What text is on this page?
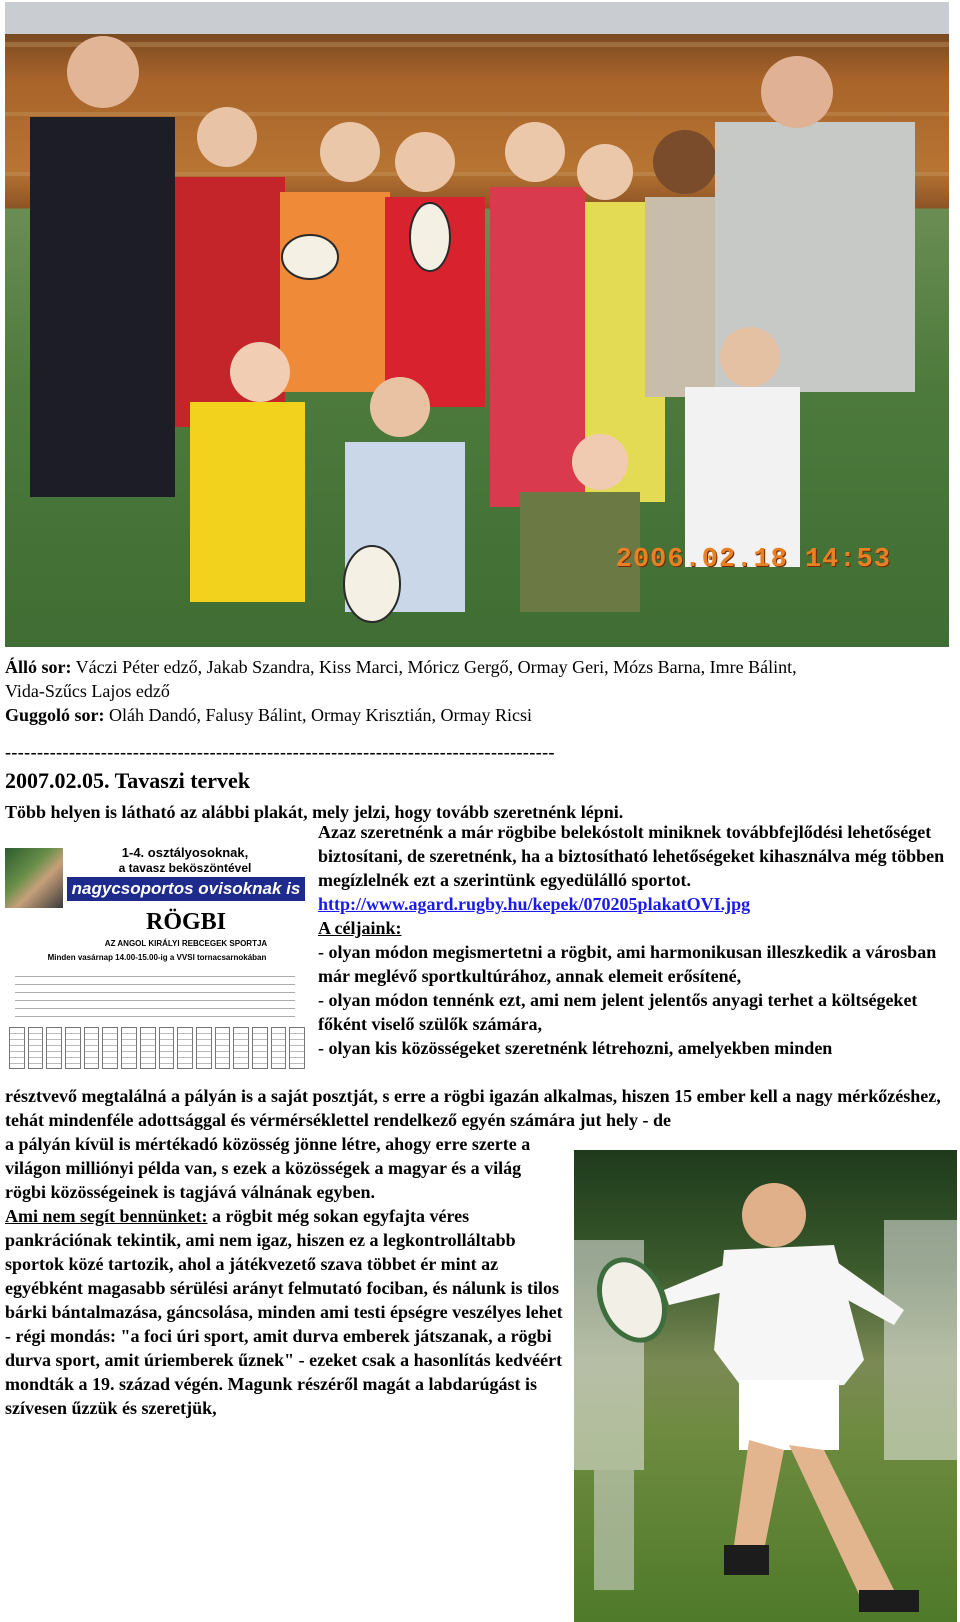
2006.02.18 14:53
Álló sor: Váczi Péter edző, Jakab Szandra, Kiss Marci, Móricz Gergő, Ormay Geri, Mózs Barna, Imre Bálint,
Vida-Szűcs Lajos edző
Guggoló sor: Oláh Dandó, Falusy Bálint, Ormay Krisztián, Ormay Ricsi
--------------------------------------------------------------------------------------
2007.02.05. Tavaszi tervek
Több helyen is látható az alábbi plakát, mely jelzi, hogy tovább szeretnénk lépni.
1-4. osztályosoknak,
a tavasz beköszöntével
nagycsoportos ovisoknak is
RÖGBI
AZ ANGOL KIRÁLYI REBCEGEK SPORTJA
Minden vasárnap 14.00-15.00-ig a VVSI tornacsarnokában

Azaz szeretnénk a már rögbibe belekóstolt miniknek továbbfejlődési lehetőséget biztosítani, de szeretnénk, ha a biztosítható lehetőségeket kihasználva még többen megízlelnék ezt a szerintünk egyedülálló sportot.

http://www.agard.rugby.hu/kepek/070205plakatOVI.jpg

A céljaink:

- olyan módon megismertetni a rögbit, ami harmonikusan illeszkedik a városban már meglévő sportkultúrához, annak elemeit erősítené,

- olyan módon tennénk ezt, ami nem jelent jelentős anyagi terhet a költségeket főként viselő szülők számára,

- olyan kis közösségeket szeretnénk létrehozni, amelyekben minden

résztvevő megtalálná a pályán is a saját posztját, s erre a rögbi igazán alkalmas, hiszen 15 ember kell a nagy mérkőzéshez, tehát mindenféle adottsággal és vérmérséklettel rendelkező egyén számára jut hely - de

a pályán kívül is mértékadó közösség jönne létre, ahogy erre szerte a világon milliónyi példa van, s ezek a közösségek a magyar és a világ rögbi közösségeinek is tagjává válnának egyben.

Ami nem segít bennünket: a rögbit még sokan egyfajta véres pankrációnak tekintik, ami nem igaz, hiszen ez a legkontrolláltabb sportok közé tartozik, ahol a játékvezető szava többet ér mint az egyébként magasabb sérülési arányt felmutató fociban, és nálunk is tilos bárki bántalmazása, gáncsolása, minden ami testi épségre veszélyes lehet - régi mondás: "a foci úri sport, amit durva emberek játszanak, a rögbi durva sport, amit úriemberek űznek" - ezeket csak a hasonlítás kedvéért mondták a 19. század végén. Magunk részéről magát a labdarúgást is szívesen űzzük és szeretjük,
